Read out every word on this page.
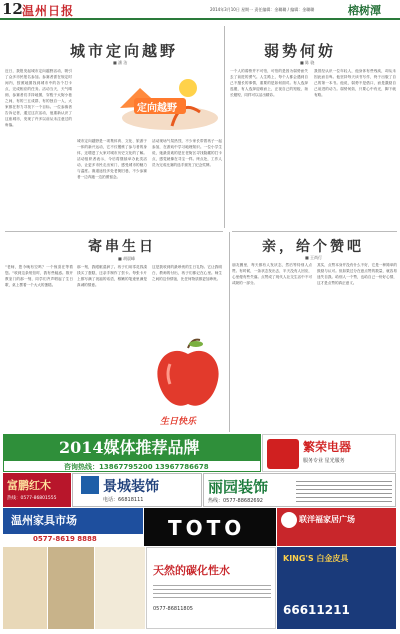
12 温州日报	2014年3月10日 星期一 责任编辑：金璐璐 / 编辑：金璐璐	榕树潭
城市定向越野
■ 潘 洁
近日，我报发起城市定向越野活动，吸引了众多市民报名参加。参赛者需在规定时间内，按照地图找到城市中的各个打卡点，完成相应的任务。活动当天，天气晴朗，参赛者们手持地图，穿梭于大街小巷之间，有的三五成群，有的独自一人，大家都在努力寻找下一个目标。一位参赛者告诉记者，通过这次活动，他重新认识了这座城市，发现了许多以前从未注意过的角落。
城市定向越野是一项集体育、文化、旅游于一体的新兴运动，它不仅锻炼了参与者的身体，还增进了大家对城市历史文化的了解。活动组织者表示，今后将继续举办此类活动，让更多市民走出家门，感受城市的魅力与温度。赛道途经多处老街旧巷，不少参赛者一边奔跑一边拍照留念。
活动现场气氛热烈，不少家长带着孩子一起参加，在游戏中学习地理知识。一位小学生说，她最喜欢的是在老街区寻找隐藏的打卡点，感觉就像在寻宝一样。终点处，工作人员为完成比赛的选手颁发了纪念奖牌。
定向越野
弱势何妨
■ 陈 骁
一个人的弱势并不可怕，可怕的是因为弱势而失去了前进的勇气。人生路上，每个人都会遇到自己不擅长的事情，重要的是如何面对。有人选择逃避，有人选择迎难而上，正视自己的短板，扬长避短，同样可以活出精彩。
我曾经认识一位年轻人，他身体有些残疾，却从未因此而自卑。他坚持每天读书写作，终于出版了自己的第一本书。他说，弱势不是借口，而是激励自己前进的动力。弱势何妨，只要心中有光，脚下就有路。
亲，给个赞吧
■ 王尚行
朋友圈里，每天都有人发状态，然后等待别人点赞。有时候，一条状态发出去，半天没有人回应，心里便有些失落。点赞成了现代人社交生活中不可或缺的一部分。
其实，点赞本身并没有什么不好，它是一种简单的鼓励与认可。但如果过分在意点赞的数量，就容易迷失自我。给别人一个赞，也给自己一份好心情，这才是点赞的真正意义。
寄串生日
■ 胡晨峰
"老师，您今晚有空吗？一个惊喜在等着您。"收到这条短信时，我有些疑惑。推开教室门的那一刻，同学们齐声唱起了生日歌，桌上摆着一个大大的蛋糕。
那一刻，我眼眶湿润了。孩子们用零花钱凑钱买了蛋糕，还亲手制作了贺卡。每张卡片上都写满了祝福的话语，稚嫩的笔迹里满是真诚的情意。
这是我收到的最珍贵的生日礼物。它让我明白，教师的付出，孩子们都记在心里。师生之间的这份情谊，比任何物质都更加珍贵。
生日快乐
2014媒体推荐品牌
咨询热线：13867795200 13967786678
繁荣电器
服务专业 星光服务
富鹏红木
热线：0577-86801555
景城装饰
电话：66818111
丽园装饰
热线：0577-88682692
温州家具市场
0577-8619 8888	TOTO	联洋福家居广场
天然的碳化性水
0577-86811805
KING'S 白金皮具
66611211
